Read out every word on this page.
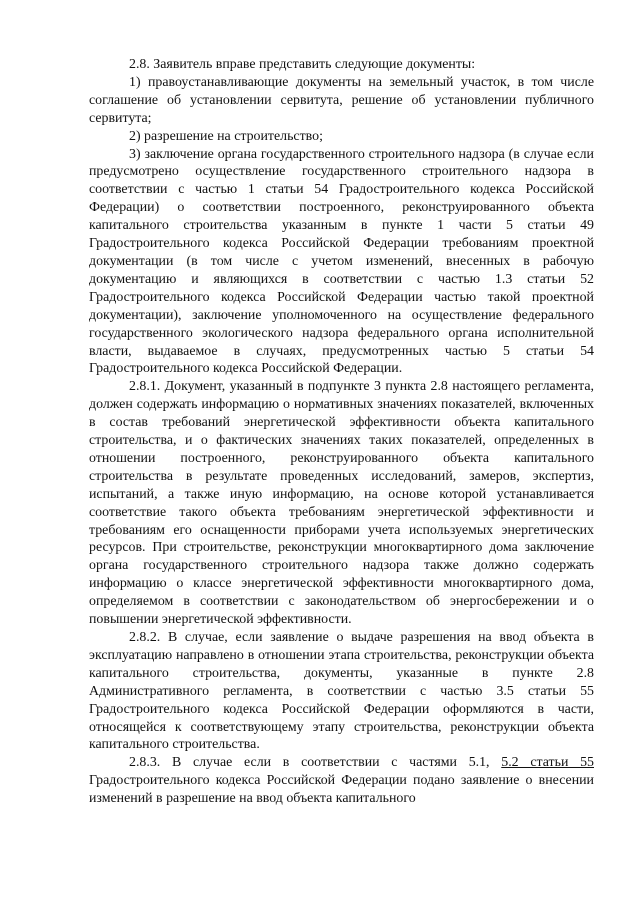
2.8. Заявитель вправе представить следующие документы:

1) правоустанавливающие документы на земельный участок, в том числе соглашение об установлении сервитута, решение об установлении публичного сервитута;

2) разрешение на строительство;

3) заключение органа государственного строительного надзора (в случае если предусмотрено осуществление государственного строительного надзора в соответствии с частью 1 статьи 54 Градостроительного кодекса Российской Федерации) о соответствии построенного, реконструированного объекта капитального строительства указанным в пункте 1 части 5 статьи 49 Градостроительного кодекса Российской Федерации требованиям проектной документации (в том числе с учетом изменений, внесенных в рабочую документацию и являющихся в соответствии с частью 1.3 статьи 52 Градостроительного кодекса Российской Федерации частью такой проектной документации), заключение уполномоченного на осуществление федерального государственного экологического надзора федерального органа исполнительной власти, выдаваемое в случаях, предусмотренных частью 5 статьи 54 Градостроительного кодекса Российской Федерации.

2.8.1. Документ, указанный в подпункте 3 пункта 2.8 настоящего регламента, должен содержать информацию о нормативных значениях показателей, включенных в состав требований энергетической эффективности объекта капитального строительства, и о фактических значениях таких показателей, определенных в отношении построенного, реконструированного объекта капитального строительства в результате проведенных исследований, замеров, экспертиз, испытаний, а также иную информацию, на основе которой устанавливается соответствие такого объекта требованиям энергетической эффективности и требованиям его оснащенности приборами учета используемых энергетических ресурсов. При строительстве, реконструкции многоквартирного дома заключение органа государственного строительного надзора также должно содержать информацию о классе энергетической эффективности многоквартирного дома, определяемом в соответствии с законодательством об энергосбережении и о повышении энергетической эффективности.

2.8.2. В случае, если заявление о выдаче разрешения на ввод объекта в эксплуатацию направлено в отношении этапа строительства, реконструкции объекта капитального строительства, документы, указанные в пункте 2.8 Административного регламента, в соответствии с частью 3.5 статьи 55 Градостроительного кодекса Российской Федерации оформляются в части, относящейся к соответствующему этапу строительства, реконструкции объекта капитального строительства.

2.8.3. В случае если в соответствии с частями 5.1, 5.2 статьи 55 Градостроительного кодекса Российской Федерации подано заявление о внесении изменений в разрешение на ввод объекта капитального
